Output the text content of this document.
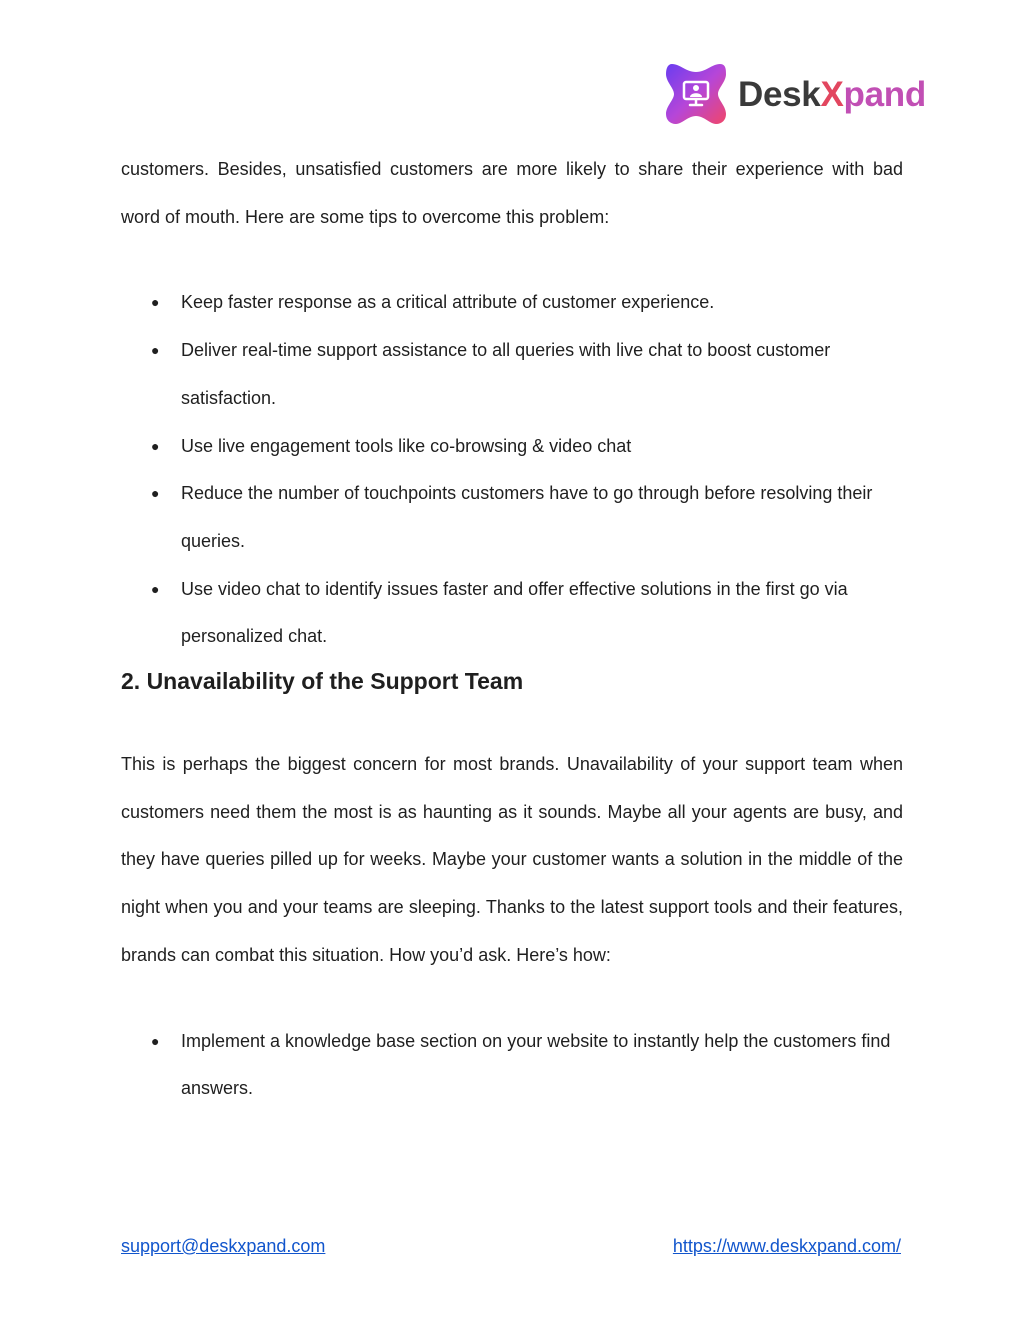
DeskXpand

customers. Besides, unsatisfied customers are more likely to share their experience with bad word of mouth. Here are some tips to overcome this problem:

● Keep faster response as a critical attribute of customer experience.
● Deliver real-time support assistance to all queries with live chat to boost customer satisfaction.
● Use live engagement tools like co-browsing & video chat
● Reduce the number of touchpoints customers have to go through before resolving their queries.
● Use video chat to identify issues faster and offer effective solutions in the first go via personalized chat.
2. Unavailability of the Support Team

This is perhaps the biggest concern for most brands. Unavailability of your support team when customers need them the most is as haunting as it sounds. Maybe all your agents are busy, and they have queries pilled up for weeks. Maybe your customer wants a solution in the middle of the night when you and your teams are sleeping. Thanks to the latest support tools and their features, brands can combat this situation. How you’d ask. Here’s how:

● Implement a knowledge base section on your website to instantly help the customers find answers.
support@deskxpand.com	https://www.deskxpand.com/
